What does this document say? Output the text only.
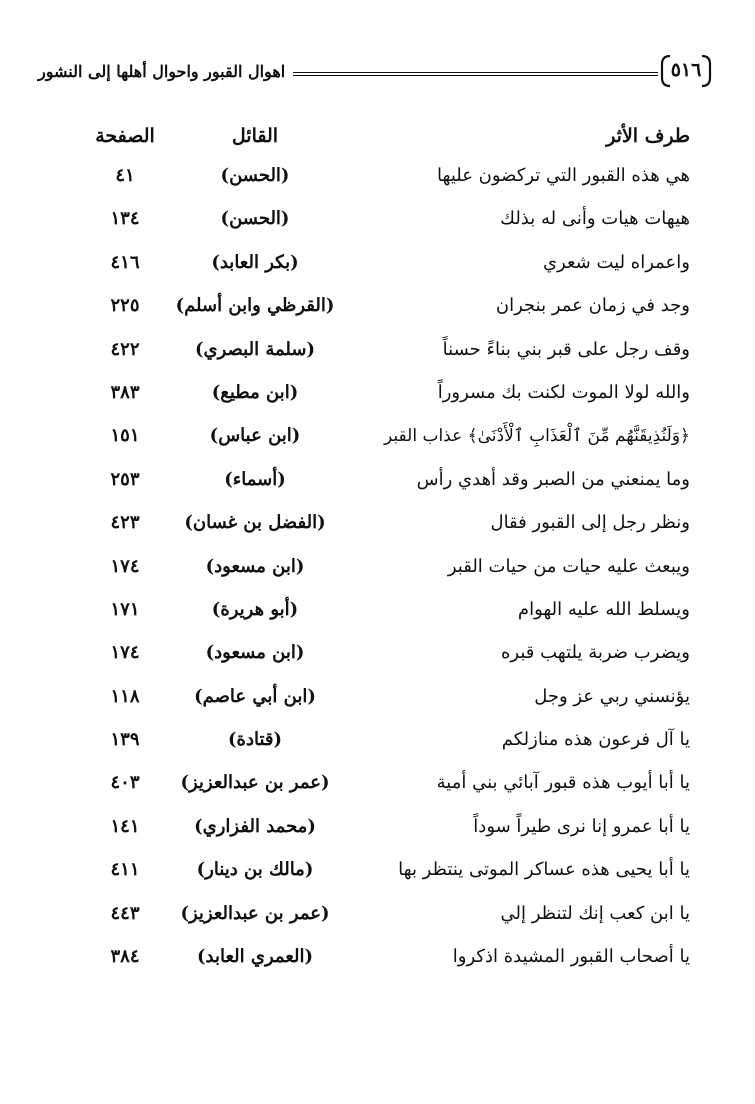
اهوال القبور واحوال أهلها إلى النشور	٥١٦
طرف الأثر
القائل
الصفحة
هي هذه القبور التي تركضون عليها
(الحسن)
٤١
هيهات هيات وأنى له بذلك
(الحسن)
١٣٤
واعمراه ليت شعري
(بكر العابد)
٤١٦
وجد في زمان عمر بنجران
(القرظي وابن أسلم)
٢٢٥
وقف رجل على قبر بني بناءً حسناً
(سلمة البصري)
٤٢٢
والله لولا الموت لكنت بك مسروراً
(ابن مطيع)
٣٨٣
﴿وَلَنُذِيقَنَّهُم مِّنَ ٱلْعَذَابِ ٱلْأَدْنَىٰ﴾ عذاب القبر
(ابن عباس)
١٥١
وما يمنعني من الصبر وقد أهدي رأس
(أسماء)
٢٥٣
ونظر رجل إلى القبور فقال
(الفضل بن غسان)
٤٢٣
ويبعث عليه حيات من حيات القبر
(ابن مسعود)
١٧٤
ويسلط الله عليه الهوام
(أبو هريرة)
١٧١
ويضرب ضربة يلتهب قبره
(ابن مسعود)
١٧٤
يؤنسني ربي عز وجل
(ابن أبي عاصم)
١١٨
يا آل فرعون هذه منازلكم
(قتادة)
١٣٩
يا أبا أيوب هذه قبور آبائي بني أمية
(عمر بن عبدالعزيز)
٤٠٣
يا أبا عمرو إنا نرى طيراً سوداً
(محمد الفزاري)
١٤١
يا أبا يحيى هذه عساكر الموتى ينتظر بها
(مالك بن دينار)
٤١١
يا ابن كعب إنك لتنظر إلي
(عمر بن عبدالعزيز)
٤٤٣
يا أصحاب القبور المشيدة اذكروا
(العمري العابد)
٣٨٤
